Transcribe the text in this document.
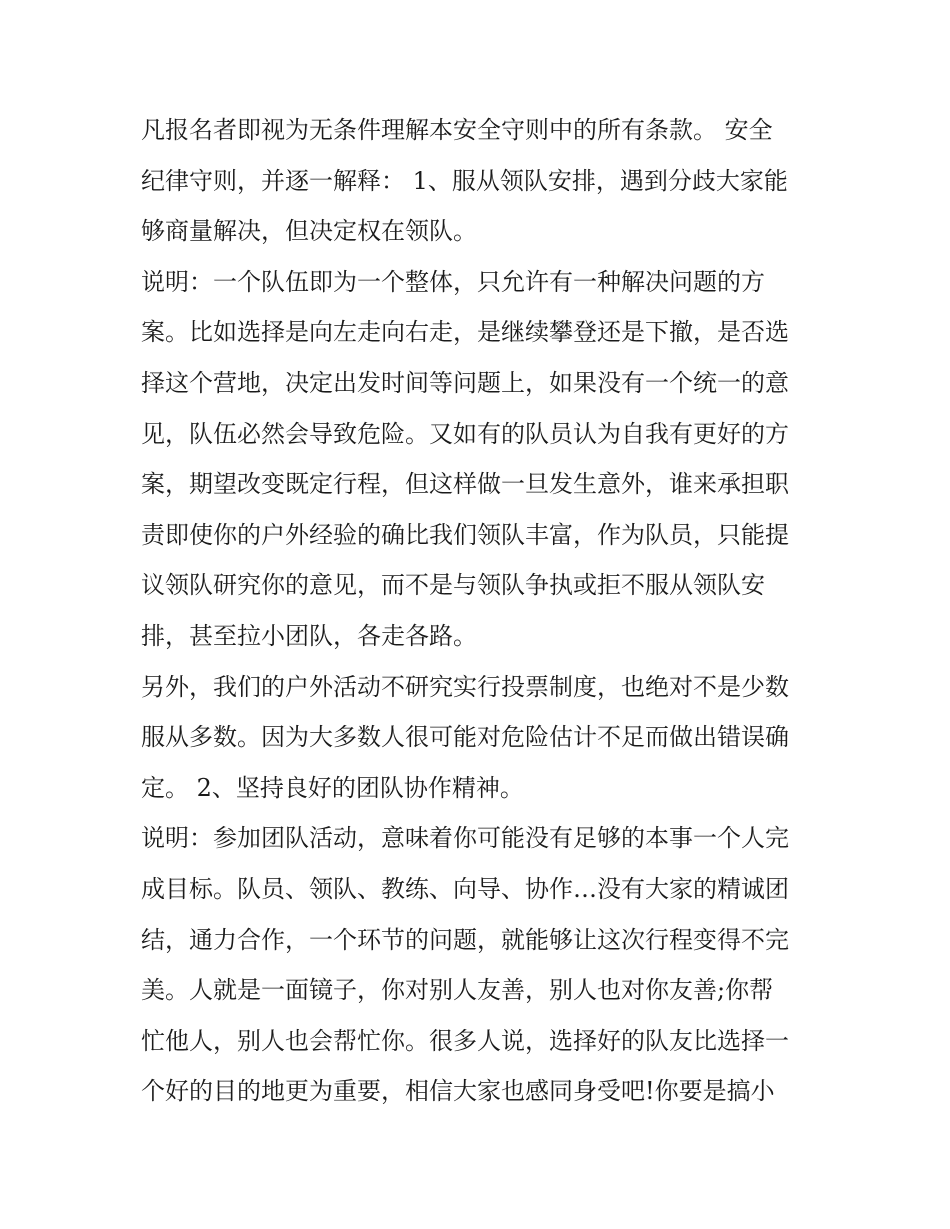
凡报名者即视为无条件理解本安全守则中的所有条款。 安全
纪律守则，并逐一解释： 1、服从领队安排，遇到分歧大家能
够商量解决，但决定权在领队。
说明：一个队伍即为一个整体，只允许有一种解决问题的方
案。比如选择是向左走向右走，是继续攀登还是下撤，是否选
择这个营地，决定出发时间等问题上，如果没有一个统一的意
见，队伍必然会导致危险。又如有的队员认为自我有更好的方
案，期望改变既定行程，但这样做一旦发生意外，谁来承担职
责即使你的户外经验的确比我们领队丰富，作为队员，只能提
议领队研究你的意见，而不是与领队争执或拒不服从领队安
排，甚至拉小团队，各走各路。
另外，我们的户外活动不研究实行投票制度，也绝对不是少数
服从多数。因为大多数人很可能对危险估计不足而做出错误确
定。 2、坚持良好的团队协作精神。
说明：参加团队活动，意味着你可能没有足够的本事一个人完
成目标。队员、领队、教练、向导、协作…没有大家的精诚团
结，通力合作，一个环节的问题，就能够让这次行程变得不完
美。人就是一面镜子，你对别人友善，别人也对你友善;你帮
忙他人，别人也会帮忙你。很多人说，选择好的队友比选择一
个好的目的地更为重要，相信大家也感同身受吧!你要是搞小
